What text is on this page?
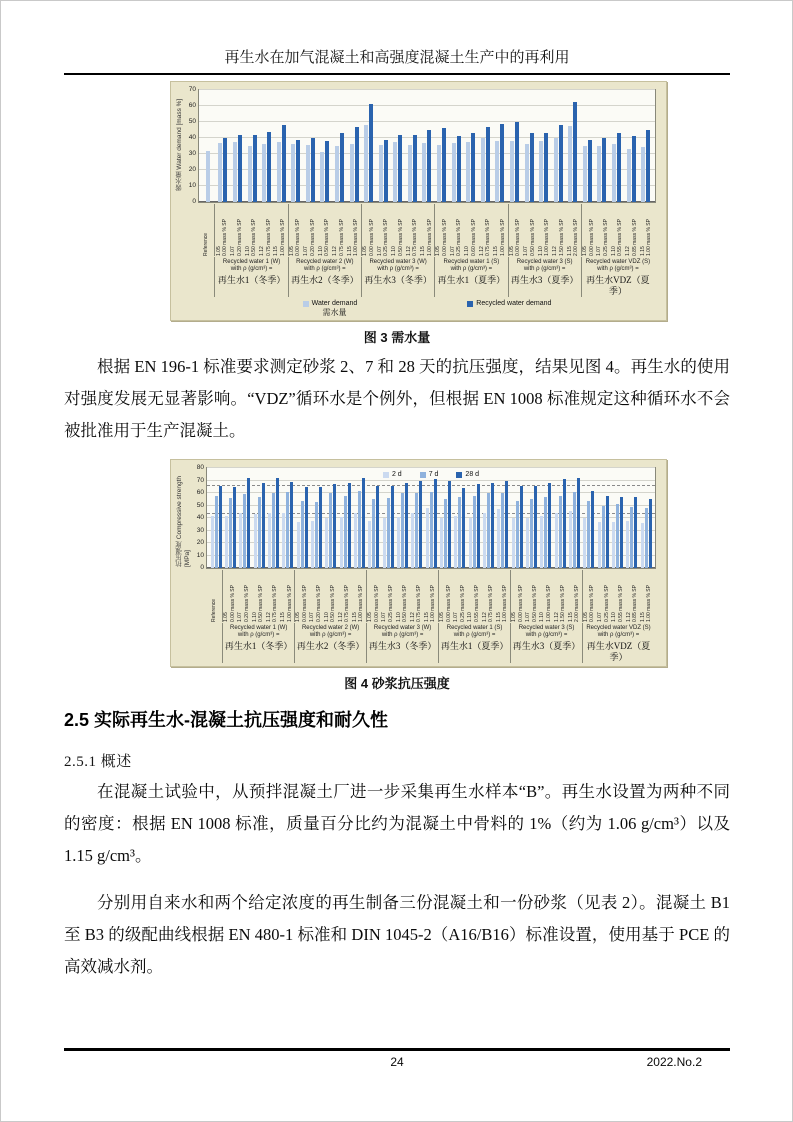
再生水在加气混凝土和高强度混凝土生产中的再利用
需水量 Water demand [mass %]
0
10
20
30
40
50
60
70
Reference 1.05 0.00 mass % SP 1.07 0.20 mass % SP 1.10 0.50 mass % SP 1.12 0.75 mass % SP 1.15 1.00 mass % SP 1.05 0.00 mass % SP 1.07 0.20 mass % SP 1.10 0.50 mass % SP 1.12 0.75 mass % SP 1.15 1.00 mass % SP 1.05 0.00 mass % SP 1.07 0.25 mass % SP 1.10 0.50 mass % SP 1.12 0.75 mass % SP 1.15 1.00 mass % SP 1.05 0.00 mass % SP 1.07 0.25 mass % SP 1.10 0.60 mass % SP 1.12 0.75 mass % SP 1.15 1.00 mass % SP 1.05 0.00 mass % SP 1.07 0.50 mass % SP 1.10 1.00 mass % SP 1.12 1.50 mass % SP 1.15 2.00 mass % SP 1.05 0.00 mass % SP 1.07 0.25 mass % SP 1.10 0.55 mass % SP 1.12 0.85 mass % SP 1.15 1.00 mass % SP
Recycled water 1 (W)
with ρ (g/cm³) =
再生水1（冬季）
Recycled water 2 (W)
with ρ (g/cm³) =
再生水2（冬季）
Recycled water 3 (W)
with ρ (g/cm³) =
再生水3（冬季）
Recycled water 1 (S)
with ρ (g/cm³) =
再生水1（夏季）
Recycled water 3 (S)
with ρ (g/cm³) =
再生水3（夏季）
Recycled water VDZ (S)
with ρ (g/cm³) =
再生水VDZ（夏季）
Water demand
需水量
Recycled water demand
图 3 需水量

根据 EN 196-1 标准要求测定砂浆 2、7 和 28 天的抗压强度，结果见图 4。再生水的使用对强度发展无显著影响。“VDZ”循环水是个例外，但根据 EN 1008 标准规定这种循环水不会被批准用于生产混凝土。

抗压强度 Compressive strength [MPa]
0
10
20
30
40
50
60
70
80
2 d	7 d	28 d
Reference 1.05 0.00 mass % SP 1.07 0.20 mass % SP 1.10 0.50 mass % SP 1.12 0.75 mass % SP 1.15 1.00 mass % SP 1.05 0.00 mass % SP 1.07 0.20 mass % SP 1.10 0.50 mass % SP 1.12 0.75 mass % SP 1.15 1.00 mass % SP 1.05 0.00 mass % SP 1.07 0.25 mass % SP 1.10 0.50 mass % SP 1.12 0.75 mass % SP 1.15 1.00 mass % SP 1.05 0.00 mass % SP 1.07 0.25 mass % SP 1.10 0.55 mass % SP 1.12 0.75 mass % SP 1.15 1.00 mass % SP 1.05 0.00 mass % SP 1.07 0.50 mass % SP 1.10 1.00 mass % SP 1.12 1.50 mass % SP 1.15 2.00 mass % SP 1.05 0.00 mass % SP 1.07 0.25 mass % SP 1.10 0.55 mass % SP 1.12 0.85 mass % SP 1.15 1.00 mass % SP
Recycled water 1 (W)
with ρ (g/cm³) =
再生水1（冬季）
Recycled water 2 (W)
with ρ (g/cm³) =
再生水2（冬季）
Recycled water 3 (W)
with ρ (g/cm³) =
再生水3（冬季）
Recycled water 1 (S)
with ρ (g/cm³) =
再生水1（夏季）
Recycled water 3 (S)
with ρ (g/cm³) =
再生水3（夏季）
Recycled water VDZ (S)
with ρ (g/cm³) =
再生水VDZ（夏季）
图 4 砂浆抗压强度
2.5 实际再生水-混凝土抗压强度和耐久性
2.5.1 概述

在混凝土试验中，从预拌混凝土厂进一步采集再生水样本“B”。再生水设置为两种不同的密度：根据 EN 1008 标准，质量百分比约为混凝土中骨料的 1%（约为 1.06 g/cm³）以及 1.15 g/cm³。

分别用自来水和两个给定浓度的再生制备三份混凝土和一份砂浆（见表 2）。混凝土 B1 至 B3 的级配曲线根据 EN 480-1 标准和 DIN 1045-2（A16/B16）标准设置，使用基于 PCE 的高效减水剂。

24	2022.No.2
